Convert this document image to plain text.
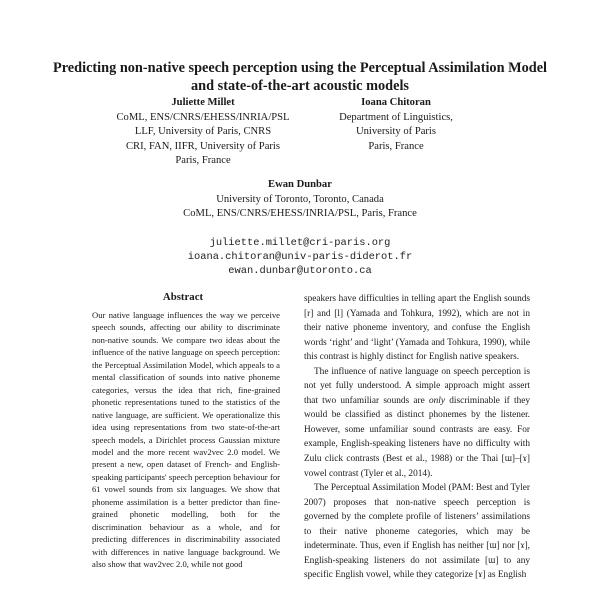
Predicting non-native speech perception using the Perceptual Assimilation Model and state-of-the-art acoustic models
Juliette Millet
CoML, ENS/CNRS/EHESS/INRIA/PSL
LLF, University of Paris, CNRS
CRI, FAN, IIFR, University of Paris
Paris, France
Ioana Chitoran
Department of Linguistics,
University of Paris
Paris, France
Ewan Dunbar
University of Toronto, Toronto, Canada
CoML, ENS/CNRS/EHESS/INRIA/PSL, Paris, France
juliette.millet@cri-paris.org
ioana.chitoran@univ-paris-diderot.fr
ewan.dunbar@utoronto.ca
Abstract
Our native language influences the way we perceive speech sounds, affecting our ability to discriminate non-native sounds. We compare two ideas about the influence of the native language on speech perception: the Perceptual Assimilation Model, which appeals to a mental classification of sounds into native phoneme categories, versus the idea that rich, fine-grained phonetic representations tuned to the statistics of the native language, are sufficient. We operationalize this idea using representations from two state-of-the-art speech models, a Dirichlet process Gaussian mixture model and the more recent wav2vec 2.0 model. We present a new, open dataset of French- and English-speaking participants' speech perception behaviour for 61 vowel sounds from six languages. We show that phoneme assimilation is a better predictor than fine-grained phonetic modelling, both for the discrimination behaviour as a whole, and for predicting differences in discriminability associated with differences in native language background. We also show that wav2vec 2.0, while not good

speakers have difficulties in telling apart the English sounds [r] and [l] (Yamada and Tohkura, 1992), which are not in their native phoneme inventory, and confuse the English words ‘right’ and ‘light’ (Yamada and Tohkura, 1990), while this contrast is highly distinct for English native speakers.

The influence of native language on speech perception is not yet fully understood. A simple approach might assert that two unfamiliar sounds are only discriminable if they would be classified as distinct phonemes by the listener. However, some unfamiliar sound contrasts are easy. For example, English-speaking listeners have no difficulty with Zulu click contrasts (Best et al., 1988) or the Thai [ɯ]–[ɤ] vowel contrast (Tyler et al., 2014).

The Perceptual Assimilation Model (PAM: Best and Tyler 2007) proposes that non-native speech perception is governed by the complete profile of listeners’ assimilations to their native phoneme categories, which may be indeterminate. Thus, even if English has neither [ɯ] nor [ɤ], English-speaking listeners do not assimilate [ɯ] to any specific English vowel, while they categorize [ɤ] as English
